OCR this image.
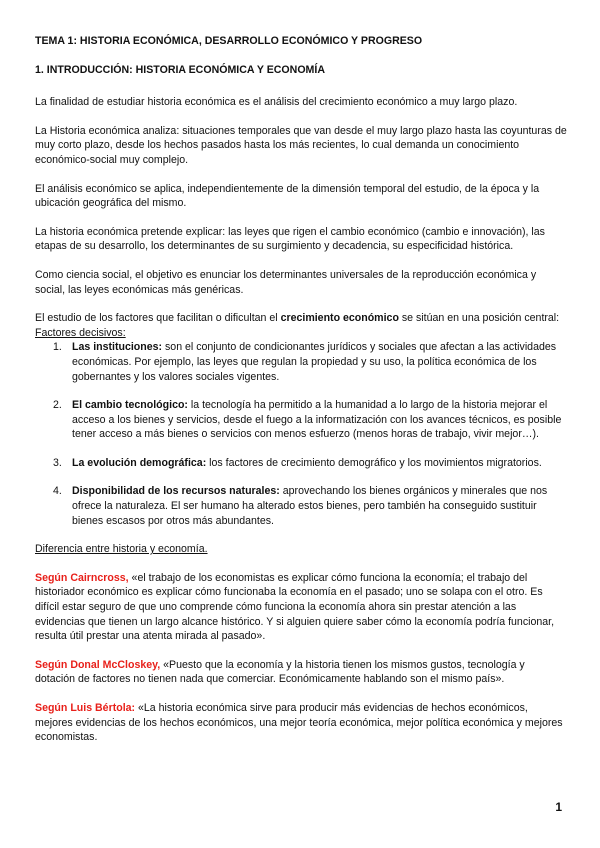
TEMA 1: HISTORIA ECONÓMICA, DESARROLLO ECONÓMICO Y PROGRESO

1. INTRODUCCIÓN: HISTORIA ECONÓMICA Y ECONOMÍA

La finalidad de estudiar historia económica es el análisis del crecimiento económico a muy largo plazo.

La Historia económica analiza: situaciones temporales que van desde el muy largo plazo hasta las coyunturas de muy corto plazo, desde los hechos pasados hasta los más recientes, lo cual demanda un conocimiento económico-social muy complejo.

El análisis económico se aplica, independientemente de la dimensión temporal del estudio, de la época y la ubicación geográfica del mismo.

La historia económica pretende explicar: las leyes que rigen el cambio económico (cambio e innovación), las etapas de su desarrollo, los determinantes de su surgimiento y decadencia, su especificidad histórica.

Como ciencia social, el objetivo es enunciar los determinantes universales de la reproducción económica y social, las leyes económicas más genéricas.

El estudio de los factores que facilitan o dificultan el crecimiento económico se sitúan en una posición central:

Factores decisivos:

1. Las instituciones: son el conjunto de condicionantes jurídicos y sociales que afectan a las actividades económicas. Por ejemplo, las leyes que regulan la propiedad y su uso, la política económica de los gobernantes y los valores sociales vigentes.
2. El cambio tecnológico: la tecnología ha permitido a la humanidad a lo largo de la historia mejorar el acceso a los bienes y servicios, desde el fuego a la informatización con los avances técnicos, es posible tener acceso a más bienes o servicios con menos esfuerzo (menos horas de trabajo, vivir mejor…).
3. La evolución demográfica: los factores de crecimiento demográfico y los movimientos migratorios.
4. Disponibilidad de los recursos naturales: aprovechando los bienes orgánicos y minerales que nos ofrece la naturaleza. El ser humano ha alterado estos bienes, pero también ha conseguido sustituir bienes escasos por otros más abundantes.

Diferencia entre historia y economía.

Según Cairncross, «el trabajo de los economistas es explicar cómo funciona la economía; el trabajo del historiador económico es explicar cómo funcionaba la economía en el pasado; uno se solapa con el otro. Es difícil estar seguro de que uno comprende cómo funciona la economía ahora sin prestar atención a las evidencias que tienen un largo alcance histórico. Y si alguien quiere saber cómo la economía podría funcionar, resulta útil prestar una atenta mirada al pasado».

Según Donal McCloskey, «Puesto que la economía y la historia tienen los mismos gustos, tecnología y dotación de factores no tienen nada que comerciar. Económicamente hablando son el mismo país».

Según Luis Bértola: «La historia económica sirve para producir más evidencias de hechos económicos, mejores evidencias de los hechos económicos, una mejor teoría económica, mejor política económica y mejores economistas.

1
